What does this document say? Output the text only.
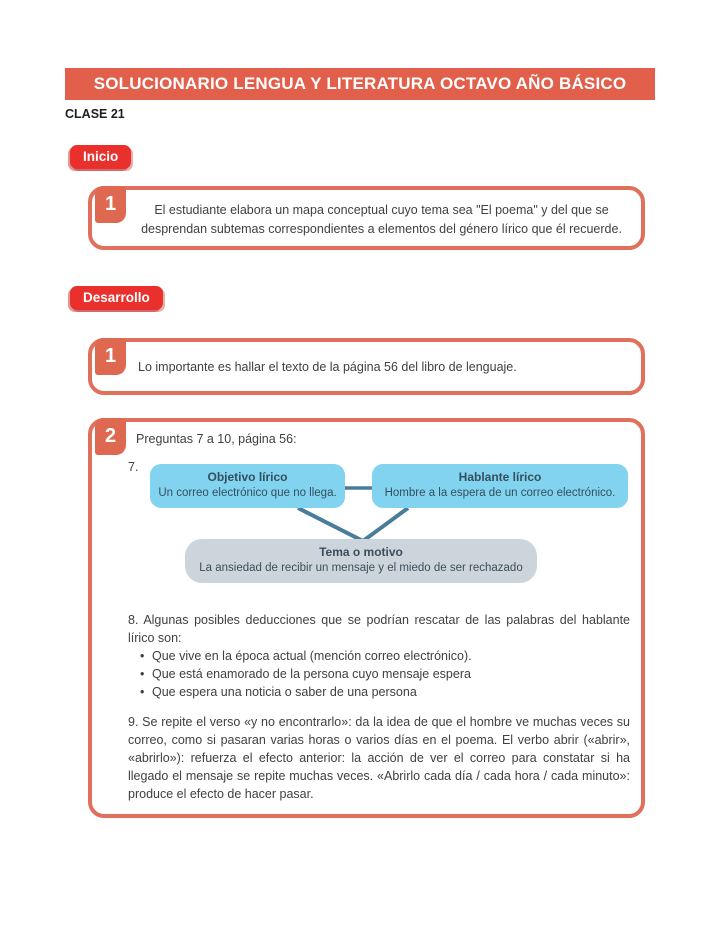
SOLUCIONARIO LENGUA Y LITERATURA OCTAVO AÑO BÁSICO
CLASE 21
Inicio
1	El estudiante elabora un mapa conceptual cuyo tema sea "El poema" y del que se desprendan subtemas correspondientes a elementos del género lírico que él recuerde.
Desarrollo
1	Lo importante es hallar el texto de la página 56 del libro de lenguaje.
2	Preguntas 7 a 10, página 56:
7.
Objetivo lírico
Un correo electrónico que no llega.
Hablante lírico
Hombre a la espera de un correo electrónico.
Tema o motivo
La ansiedad de recibir un mensaje y el miedo de ser rechazado
8. Algunas posibles deducciones que se podrían rescatar de las palabras del hablante lírico son:
• Que vive en la época actual (mención correo electrónico).
• Que está enamorado de la persona cuyo mensaje espera
• Que espera una noticia o saber de una persona
9. Se repite el verso «y no encontrarlo»: da la idea de que el hombre ve muchas veces su correo, como si pasaran varias horas o varios días en el poema. El verbo abrir («abrir», «abrirlo»): refuerza el efecto anterior: la acción de ver el correo para constatar si ha llegado el mensaje se repite muchas veces. «Abrirlo cada día / cada hora / cada minuto»: produce el efecto de hacer pasar.
